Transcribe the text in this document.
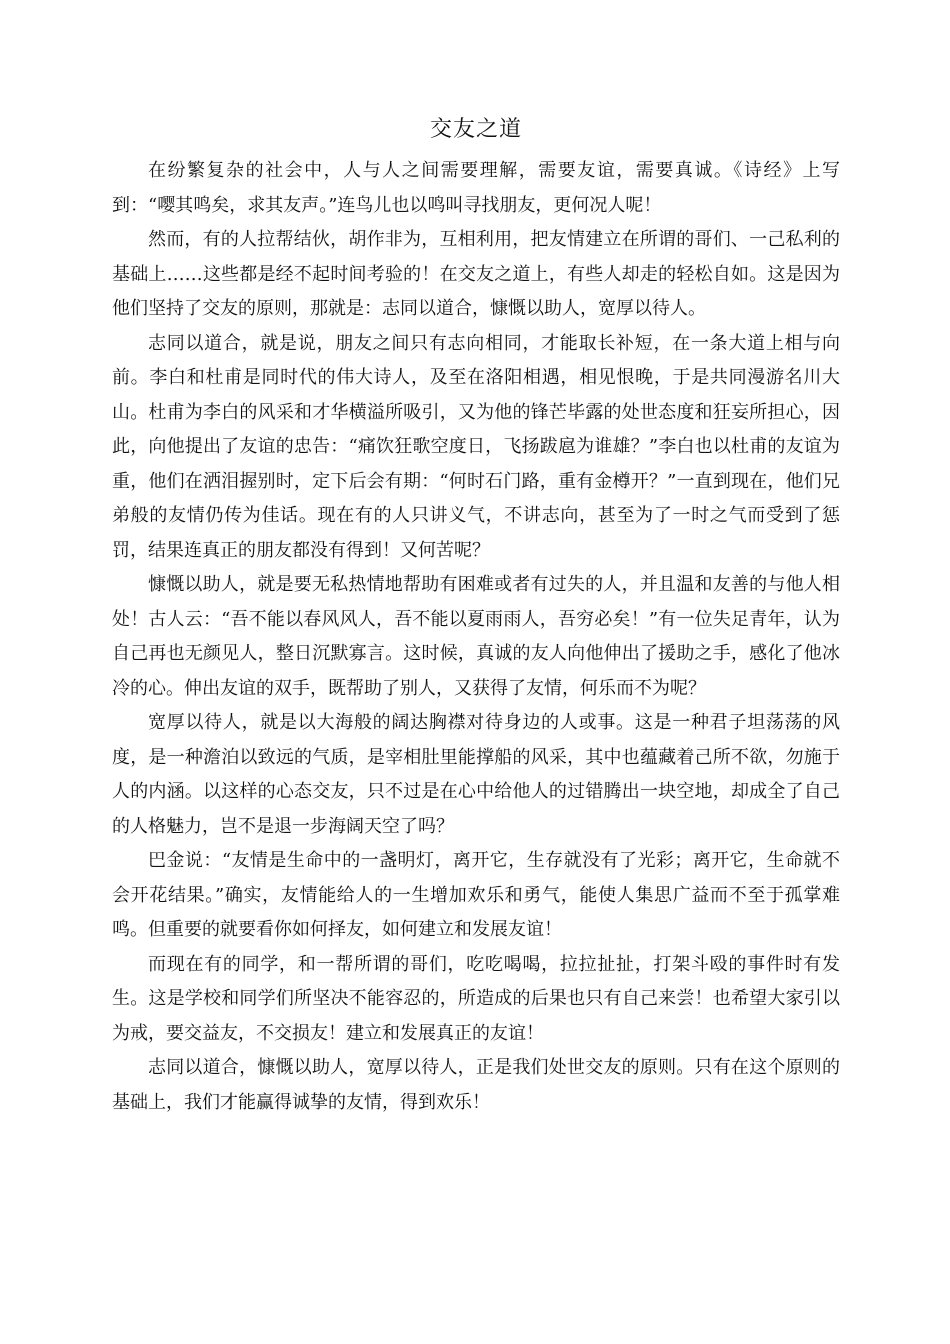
交友之道

在纷繁复杂的社会中，人与人之间需要理解，需要友谊，需要真诚。《诗经》上写到：“嘤其鸣矣，求其友声。”连鸟儿也以鸣叫寻找朋友，更何况人呢！

然而，有的人拉帮结伙，胡作非为，互相利用，把友情建立在所谓的哥们、一己私利的基础上……这些都是经不起时间考验的！在交友之道上，有些人却走的轻松自如。这是因为他们坚持了交友的原则，那就是：志同以道合，慷慨以助人，宽厚以待人。

志同以道合，就是说，朋友之间只有志向相同，才能取长补短，在一条大道上相与向前。李白和杜甫是同时代的伟大诗人，及至在洛阳相遇，相见恨晚，于是共同漫游名川大山。杜甫为李白的风采和才华横溢所吸引，又为他的锋芒毕露的处世态度和狂妄所担心，因此，向他提出了友谊的忠告：“痛饮狂歌空度日，飞扬跋扈为谁雄？”李白也以杜甫的友谊为重，他们在洒泪握别时，定下后会有期：“何时石门路，重有金樽开？”一直到现在，他们兄弟般的友情仍传为佳话。现在有的人只讲义气，不讲志向，甚至为了一时之气而受到了惩罚，结果连真正的朋友都没有得到！又何苦呢？

慷慨以助人，就是要无私热情地帮助有困难或者有过失的人，并且温和友善的与他人相处！古人云：“吾不能以春风风人，吾不能以夏雨雨人，吾穷必矣！”有一位失足青年，认为自己再也无颜见人，整日沉默寡言。这时候，真诚的友人向他伸出了援助之手，感化了他冰冷的心。伸出友谊的双手，既帮助了别人，又获得了友情，何乐而不为呢？

宽厚以待人，就是以大海般的阔达胸襟对待身边的人或事。这是一种君子坦荡荡的风度，是一种澹泊以致远的气质，是宰相肚里能撑船的风采，其中也蕴藏着己所不欲，勿施于人的内涵。以这样的心态交友，只不过是在心中给他人的过错腾出一块空地，却成全了自己的人格魅力，岂不是退一步海阔天空了吗？

巴金说：“友情是生命中的一盏明灯，离开它，生存就没有了光彩；离开它，生命就不会开花结果。”确实，友情能给人的一生增加欢乐和勇气，能使人集思广益而不至于孤掌难鸣。但重要的就要看你如何择友，如何建立和发展友谊！

而现在有的同学，和一帮所谓的哥们，吃吃喝喝，拉拉扯扯，打架斗殴的事件时有发生。这是学校和同学们所坚决不能容忍的，所造成的后果也只有自己来尝！也希望大家引以为戒，要交益友，不交损友！建立和发展真正的友谊！

志同以道合，慷慨以助人，宽厚以待人，正是我们处世交友的原则。只有在这个原则的基础上，我们才能赢得诚挚的友情，得到欢乐！
